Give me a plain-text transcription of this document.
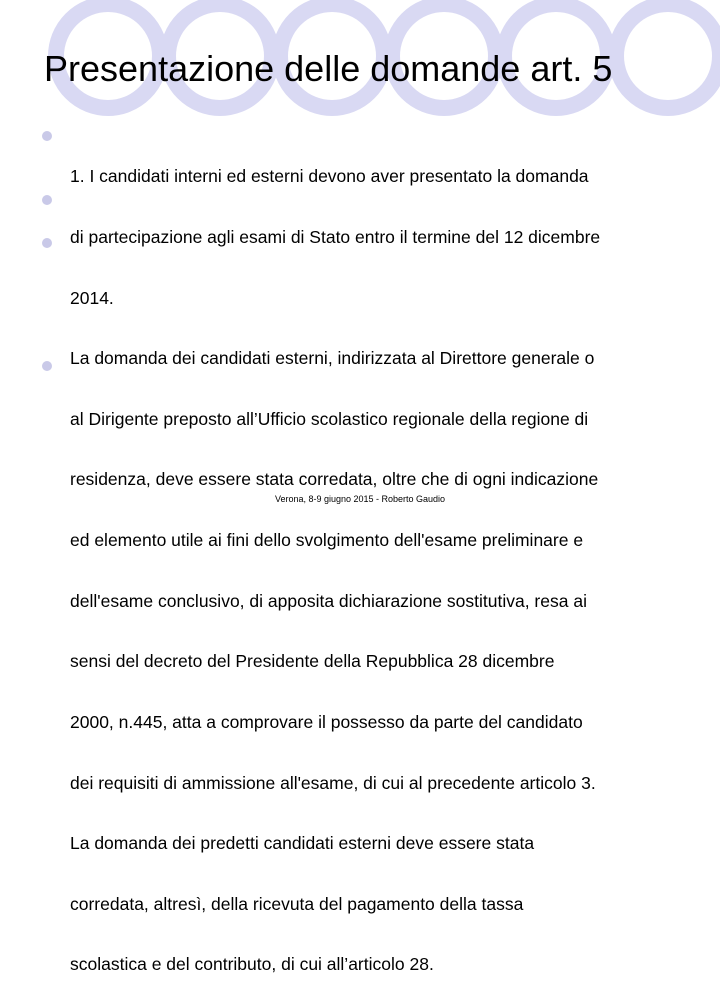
Presentazione delle domande art. 5

1. I candidati interni ed esterni devono aver presentato la domanda

di partecipazione agli esami di Stato entro il termine del 12 dicembre

2014.

La domanda dei candidati esterni, indirizzata al Direttore generale o

al Dirigente preposto all’Ufficio scolastico regionale della regione di

residenza, deve essere stata corredata, oltre che di ogni indicazione

ed elemento utile ai fini dello svolgimento dell'esame preliminare e

dell'esame conclusivo, di apposita dichiarazione sostitutiva, resa ai

sensi del decreto del Presidente della Repubblica 28 dicembre

2000, n.445, atta a comprovare il possesso da parte del candidato

dei requisiti di ammissione all'esame, di cui al precedente articolo 3.

La domanda dei predetti candidati esterni deve essere stata

corredata, altresì, della ricevuta del pagamento della tassa

scolastica e del contributo, di cui all’articolo 28.

Verona, 8-9 giugno 2015 - Roberto Gaudio
